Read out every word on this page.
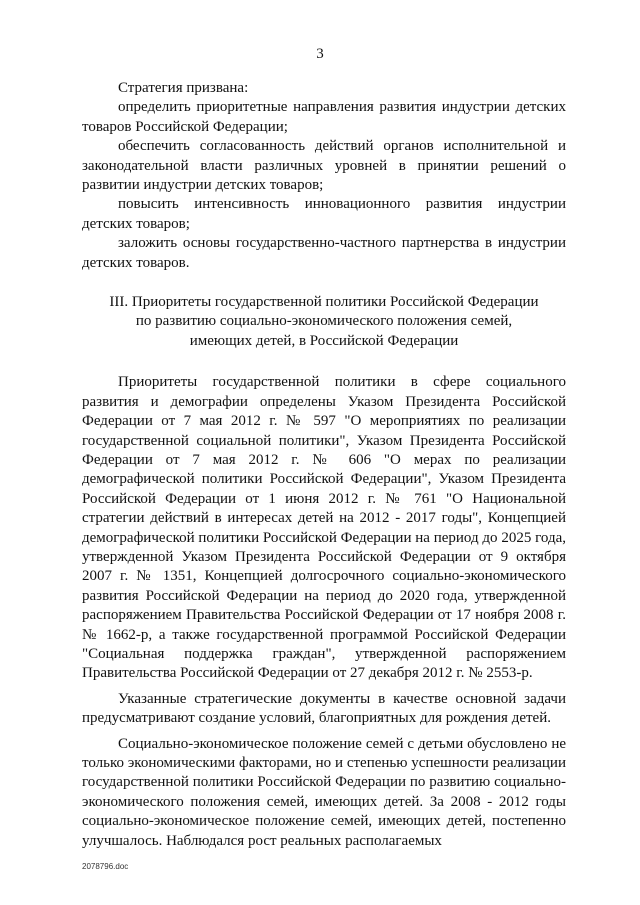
3

Стратегия призвана:

определить приоритетные направления развития индустрии детских товаров Российской Федерации;

обеспечить согласованность действий органов исполнительной и законодательной власти различных уровней в принятии решений о развитии индустрии детских товаров;

повысить интенсивность инновационного развития индустрии детских товаров;

заложить основы государственно-частного партнерства в индустрии детских товаров.

III. Приоритеты государственной политики Российской Федерации
по развитию социально-экономического положения семей,
имеющих детей, в Российской Федерации

Приоритеты государственной политики в сфере социального развития и демографии определены Указом Президента Российской Федерации от 7 мая 2012 г. № 597 "О мероприятиях по реализации государственной социальной политики", Указом Президента Российской Федерации от 7 мая 2012 г. № 606 "О мерах по реализации демографической политики Российской Федерации", Указом Президента Российской Федерации от 1 июня 2012 г. № 761 "О Национальной стратегии действий в интересах детей на 2012 - 2017 годы", Концепцией демографической политики Российской Федерации на период до 2025 года, утвержденной Указом Президента Российской Федерации от 9 октября 2007 г. № 1351, Концепцией долгосрочного социально-экономического развития Российской Федерации на период до 2020 года, утвержденной распоряжением Правительства Российской Федерации от 17 ноября 2008 г. № 1662-р, а также государственной программой Российской Федерации "Социальная поддержка граждан", утвержденной распоряжением Правительства Российской Федерации от 27 декабря 2012 г. № 2553-р.

Указанные стратегические документы в качестве основной задачи предусматривают создание условий, благоприятных для рождения детей.

Социально-экономическое положение семей с детьми обусловлено не только экономическими факторами, но и степенью успешности реализации государственной политики Российской Федерации по развитию социально-экономического положения семей, имеющих детей. За 2008 - 2012 годы социально-экономическое положение семей, имеющих детей, постепенно улучшалось. Наблюдался рост реальных располагаемых

2078796.doc
